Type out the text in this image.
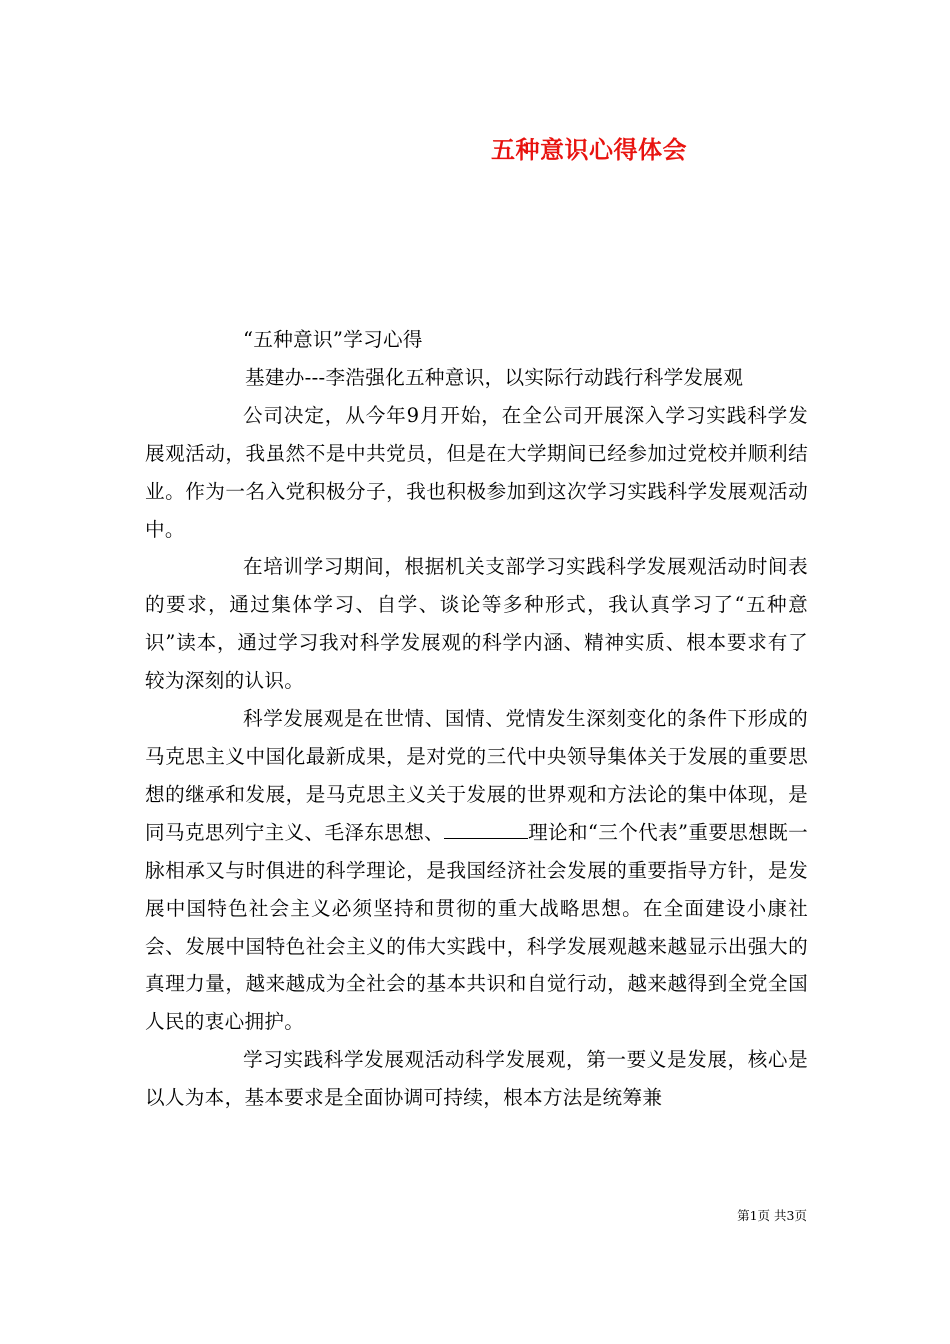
五种意识心得体会

“五种意识”学习心得

基建办---李浩强化五种意识，以实际行动践行科学发展观

公司决定，从今年9月开始，在全公司开展深入学习实践科学发展观活动，我虽然不是中共党员，但是在大学期间已经参加过党校并顺利结业。作为一名入党积极分子，我也积极参加到这次学习实践科学发展观活动中。

在培训学习期间，根据机关支部学习实践科学发展观活动时间表的要求，通过集体学习、自学、谈论等多种形式，我认真学习了“五种意识”读本，通过学习我对科学发展观的科学内涵、精神实质、根本要求有了较为深刻的认识。

科学发展观是在世情、国情、党情发生深刻变化的条件下形成的马克思主义中国化最新成果，是对党的三代中央领导集体关于发展的重要思想的继承和发展，是马克思主义关于发展的世界观和方法论的集中体现，是同马克思列宁主义、毛泽东思想、	理论和“三个代表”重要思想既一脉相承又与时俱进的科学理论，是我国经济社会发展的重要指导方针，是发展中国特色社会主义必须坚持和贯彻的重大战略思想。在全面建设小康社会、发展中国特色社会主义的伟大实践中，科学发展观越来越显示出强大的真理力量，越来越成为全社会的基本共识和自觉行动，越来越得到全党全国人民的衷心拥护。

学习实践科学发展观活动科学发展观，第一要义是发展，核心是以人为本，基本要求是全面协调可持续，根本方法是统筹兼

第1页 共3页
